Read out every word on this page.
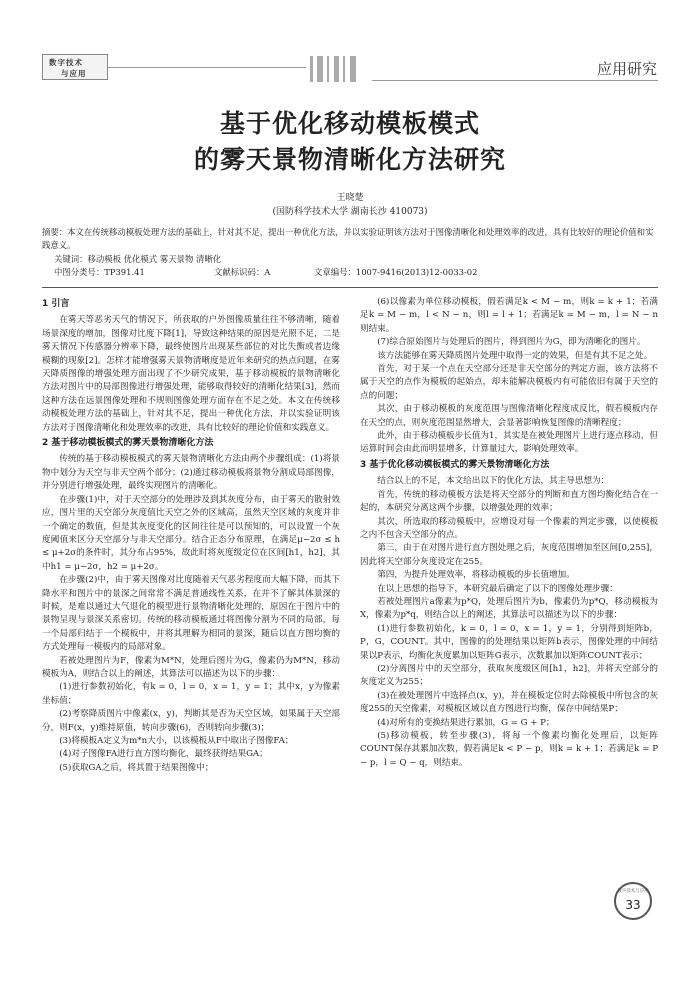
数字技术
与应用	应用研究
基于优化移动模板模式
的雾天景物清晰化方法研究
王晓楚
(国防科学技术大学 湖南长沙 410073)
摘要：本文在传统移动模板处理方法的基础上，针对其不足，提出一种优化方法，并以实验证明该方法对于图像清晰化和处理效率的改进，具有比较好的理论价值和实践意义。
关键词：移动模板 优化模式 雾天景物 清晰化
中图分类号：TP391.41	文献标识码：A	文章编号：1007-9416(2013)12-0033-02
1 引言

在雾天等恶劣天气的情况下，所获取的户外图像质量往往不够清晰，随着场景深度的增加，图像对比度下降[1]，导致这种结果的原因是光照不足，二是雾天情况下传感器分辨率下降，最终使图片出现某些部位的对比失衡或者边缘模糊的现象[2]。怎样才能增强雾天景物清晰度是近年来研究的热点问题，在雾天降质图像的增强处理方面出现了不少研究成果，基于移动模板的景物清晰化方法对图片中的局部图像进行增强处理，能够取得较好的清晰化结果[3]，然而这种方法在远景图像处理和不规则图像处理方面存在不足之处。本文在传统移动模板处理方法的基础上，针对其不足，提出一种优化方法，并以实验证明该方法对于图像清晰化和处理效率的改进，具有比较好的理论价值和实践意义。

2 基于移动模板模式的雾天景物清晰化方法

传统的基于移动模板模式的雾天景物清晰化方法由两个步骤组成：(1)将景物中划分为天空与非天空两个部分；(2)通过移动模板将景物分割成局部图像，并分别进行增强处理，最终实现图片的清晰化。

在步骤(1)中，对于天空部分的处理涉及到其灰度分布，由于雾天的散射效应，图片里的天空部分灰度值比天空之外的区域高，虽然天空区域的灰度并非一个确定的数值，但是其灰度变化的区间往往是可以预知的，可以设置一个灰度阈值来区分天空部分与非天空部分。结合正态分布原理，在满足μ−2σ ≤ h ≤ μ+2σ的条件时，其分布占95%，故此时将灰度级定位在区间[h1，h2]，其中h1 = μ−2σ，h2 = μ+2σ。

在步骤(2)中，由于雾天图像对比度随着天气恶劣程度而大幅下降，而其下降水平和图片中的景深之间常常不满足普通线性关系，在并不了解其体景深的时候，是难以通过大气退化的模型进行景物清晰化处理的，原因在于图片中的景物呈现与景深关系密切。传统的移动模板通过将图像分割为不同的局部，每一个局部归结于一个模板中，并将其理解为相同的景深，随后以直方图均衡的方式处理每一模板内的局部对象。

若被处理图片为F，像素为M*N，处理后图片为G，像素仍为M*N，移动模板为A，则结合以上的阐述，其算法可以描述为以下的步骤：

(1)进行参数初始化，有k = 0，l = 0，x = 1，y = 1；其中x，y为像素坐标值；

(2)考察降质图片中像素(x，y)，判断其是否为天空区域，如果属于天空部分，则F(x，y)维持原值，转向步骤(6)，否则转向步骤(3)；

(3)将模板A定义为m*n大小，以该模板从F中取出子图像FA；

(4)对子图像FA进行直方图均衡化，最终获得结果GA；

(5)获取GA之后，将其置于结果图像中；

(6)以像素为单位移动模板，假若满足k < M − m，则k = k + 1；若满足k = M − m，l < N − n，则l = l + 1；若满足k = M − m，l = N − n则结束。

(7)综合原始图片与处理后的图片，得到图片为G，即为清晰化的图片。

该方法能够在雾天降质图片处理中取得一定的效果，但是有其不足之处。

首先，对于某一个点在天空部分还是非天空部分的判定方面，该方法将不属于天空的点作为模板的起始点，却未能解决模板内有可能依旧有属于天空的点的问题；

其次，由于移动模板的灰度范围与图像清晰化程度成反比，假若模板内存在天空的点，则灰度范围显然增大，会显著影响恢复图像的清晰程度；

此外，由于移动模板步长值为1，其实是在被处理图片上进行逐点移动，但运算时间会由此而明显增多，计算量过大，影响处理效率。

3 基于优化移动模板模式的雾天景物清晰化方法

结合以上的不足，本文给出以下的优化方法，其主导思想为：

首先，传统的移动模板方法是将天空部分的判断和直方图均衡化结合在一起的，本研究分离这两个步骤，以增强处理的效率；

其次，所选取的移动模板中，应增设对每一个像素的判定步骤，以使模板之内不包含天空部分的点。

第三，由于在对图片进行直方图处理之后，灰度范围增加至区间[0,255]，因此将天空部分灰度设定在255。

第四，为提升处理效率，将移动模板的步长值增加。

在以上思想的指导下，本研究最后确定了以下的图像处理步骤：

若被处理图片a像素为p*Q，处理后图片为b，像素仍为p*Q，移动模板为X，像素为p*q，则结合以上的阐述，其算法可以描述为以下的步骤：

(1)进行参数初始化，k = 0，l = 0，x = 1，y = 1，分别得到矩阵b，P，G，COUNT。其中，图像的的处理结果以矩阵b表示，图像处理的中间结果以P表示，均衡化灰度累加以矩阵G表示，次数累加以矩阵COUNT表示；

(2)分离图片中的天空部分，获取灰度级区间[h1，h2]，并将天空部分的灰度定义为255；

(3)在被处理图片中选择点(x，y)，并在模板定位时去除模板中所包含的灰度255的天空像素，对模板区域以直方图进行均衡，保存中间结果P；

(4)对所有的变换结果进行累加，G = G + P；

(5)移动模板，转至步骤(3)，将每一个像素均衡化处理后，以矩阵COUNT保存其累加次数，假若满足k < P − p，则k = k + 1；若满足k = P − p，l = Q − q，则结束。

数字技术与应用
33
